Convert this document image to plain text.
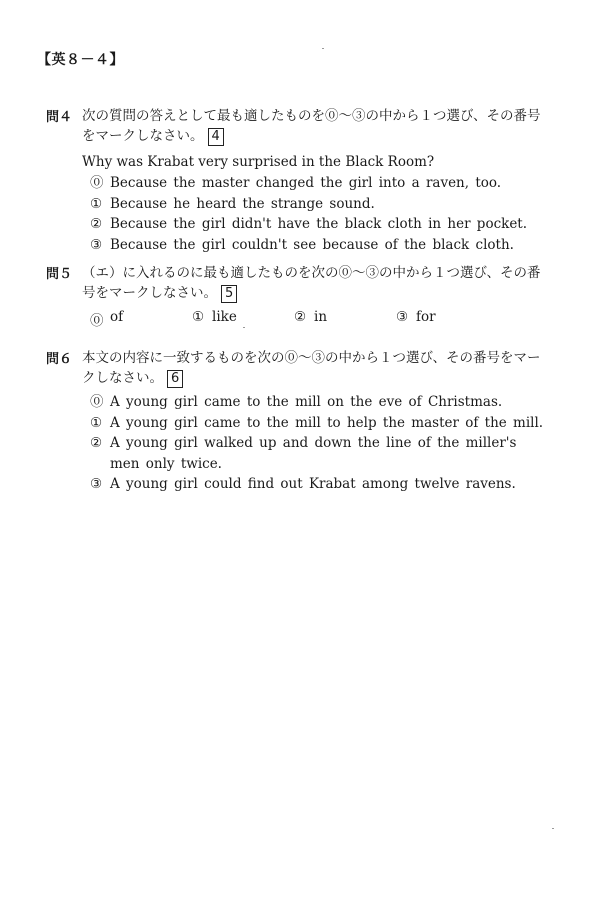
【英８－４】
問４ 次の質問の答えとして最も適したものを⓪～③の中から１つ選び、その番号をマークしなさい。 4

Why was Krabat very surprised in the Black Room?
⓪ Because the master changed the girl into a raven, too.
① Because he heard the strange sound.
② Because the girl didn't have the black cloth in her pocket.
③ Because the girl couldn't see because of the black cloth.
問５ （エ）に入れるのに最も適したものを次の⓪～③の中から１つ選び、その番号をマークしなさい。 5

⓪ of	① like	② in	③ for
問６ 本文の内容に一致するものを次の⓪～③の中から１つ選び、その番号をマークしなさい。 6

⓪ A young girl came to the mill on the eve of Christmas.
① A young girl came to the mill to help the master of the mill.
② A young girl walked up and down the line of the miller's men only twice.
③ A young girl could find out Krabat among twelve ravens.
